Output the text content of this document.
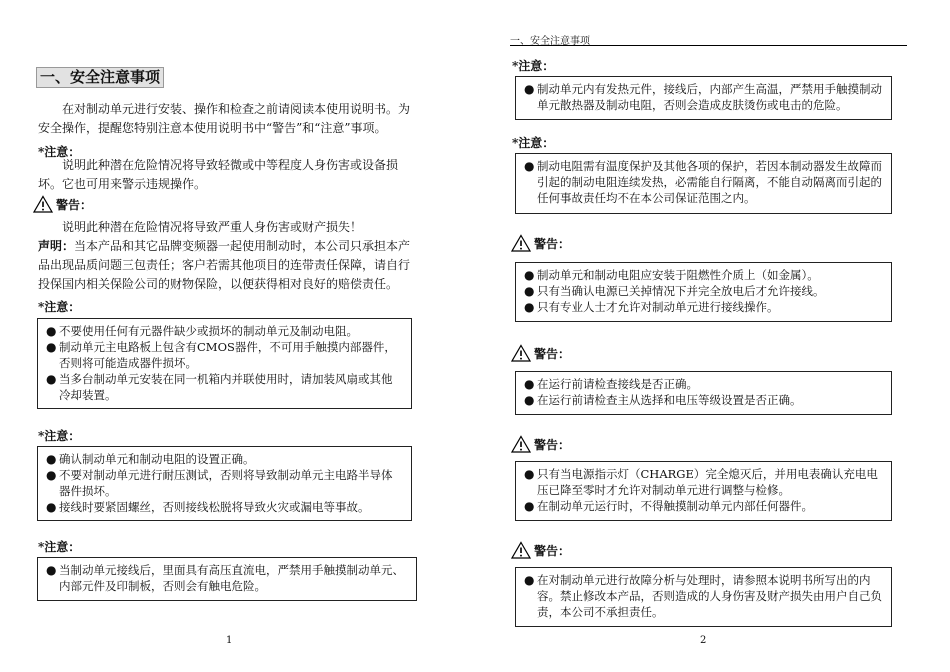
一、安全注意事项
在对制动单元进行安装、操作和检查之前请阅读本使用说明书。为安全操作，提醒您特别注意本使用说明书中“警告”和“注意”事项。
*注意：
说明此种潜在危险情况将导致轻微或中等程度人身伤害或设备损坏。它也可用来警示违规操作。
警告：
说明此种潜在危险情况将导致严重人身伤害或财产损失！
声明：当本产品和其它品牌变频器一起使用制动时，本公司只承担本产品出现品质问题三包责任；客户若需其他项目的连带责任保障，请自行投保国内相关保险公司的财物保险，以便获得相对良好的赔偿责任。
*注意：
● 不要使用任何有元器件缺少或损坏的制动单元及制动电阻。
● 制动单元主电路板上包含有CMOS器件，不可用手触摸内部器件，否则将可能造成器件损坏。
● 当多台制动单元安装在同一机箱内并联使用时，请加装风扇或其他冷却装置。
*注意：
● 确认制动单元和制动电阻的设置正确。
● 不要对制动单元进行耐压测试，否则将导致制动单元主电路半导体器件损坏。
● 接线时要紧固螺丝，否则接线松脱将导致火灾或漏电等事故。
*注意：
● 当制动单元接线后，里面具有高压直流电，严禁用手触摸制动单元、内部元件及印制板，否则会有触电危险。
1
一、安全注意事项
*注意：
● 制动单元内有发热元件，接线后，内部产生高温，严禁用手触摸制动单元散热器及制动电阻，否则会造成皮肤烫伤或电击的危险。
*注意：
● 制动电阻需有温度保护及其他各项的保护，若因本制动器发生故障而引起的制动电阻连续发热，必需能自行隔离，不能自动隔离而引起的任何事故责任均不在本公司保证范围之内。
警告：
● 制动单元和制动电阻应安装于阻燃性介质上（如金属）。
● 只有当确认电源已关掉情况下并完全放电后才允许接线。
● 只有专业人士才允许对制动单元进行接线操作。
警告：
● 在运行前请检查接线是否正确。
● 在运行前请检查主从选择和电压等级设置是否正确。
警告：
● 只有当电源指示灯（CHARGE）完全熄灭后，并用电表确认充电电压已降至零时才允许对制动单元进行调整与检修。
● 在制动单元运行时，不得触摸制动单元内部任何器件。
警告：
● 在对制动单元进行故障分析与处理时，请参照本说明书所写出的内容。禁止修改本产品，否则造成的人身伤害及财产损失由用户自己负责，本公司不承担责任。
2
